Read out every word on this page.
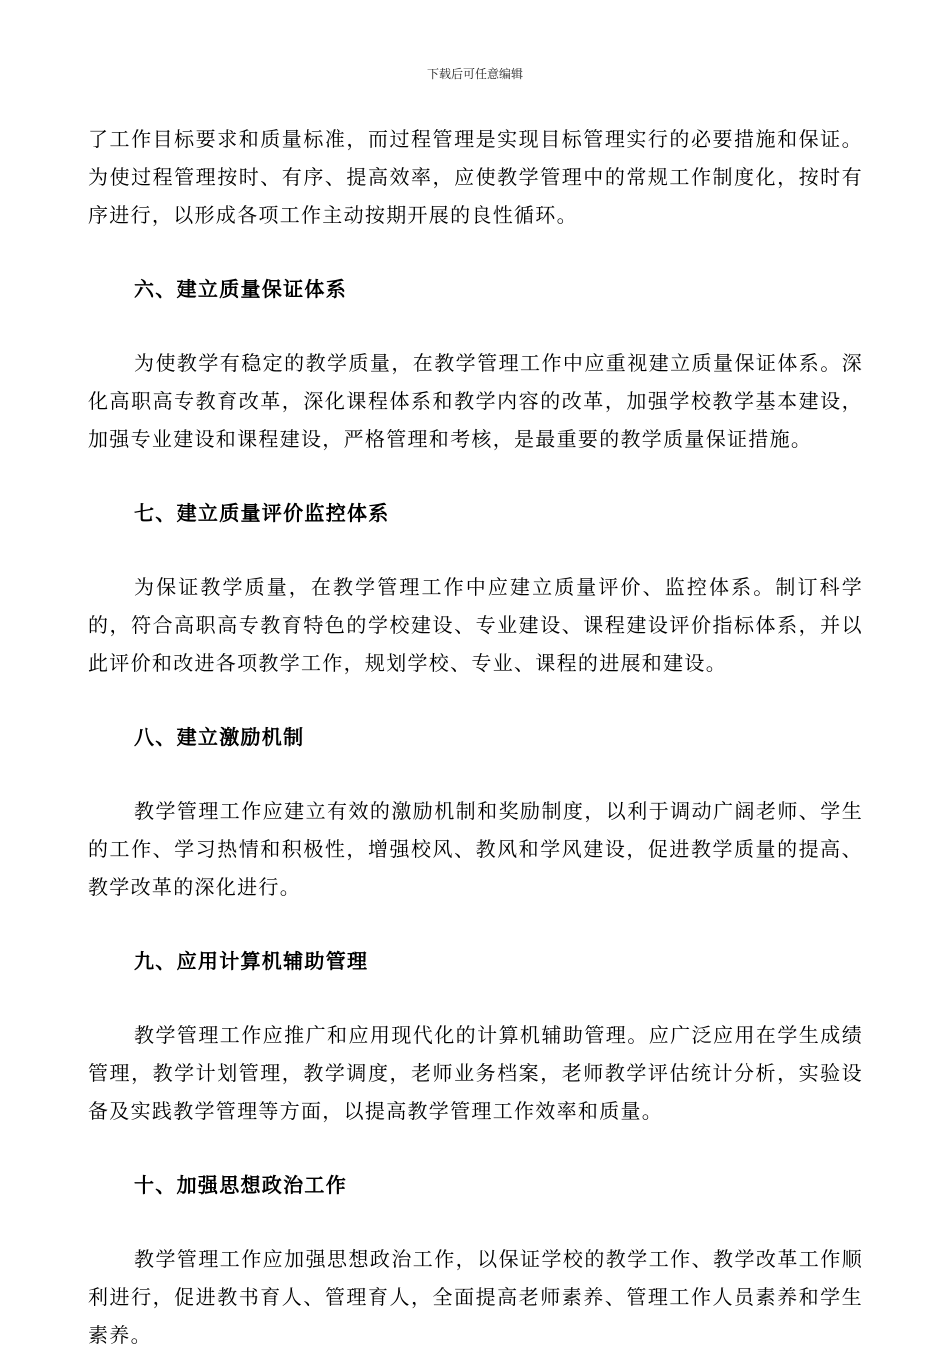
下载后可任意编辑

了工作目标要求和质量标准，而过程管理是实现目标管理实行的必要措施和保证。为使过程管理按时、有序、提高效率，应使教学管理中的常规工作制度化，按时有序进行，以形成各项工作主动按期开展的良性循环。

六、建立质量保证体系

为使教学有稳定的教学质量，在教学管理工作中应重视建立质量保证体系。深化高职高专教育改革，深化课程体系和教学内容的改革，加强学校教学基本建设，加强专业建设和课程建设，严格管理和考核，是最重要的教学质量保证措施。

七、建立质量评价监控体系

为保证教学质量，在教学管理工作中应建立质量评价、监控体系。制订科学的，符合高职高专教育特色的学校建设、专业建设、课程建设评价指标体系，并以此评价和改进各项教学工作，规划学校、专业、课程的进展和建设。

八、建立激励机制

教学管理工作应建立有效的激励机制和奖励制度，以利于调动广阔老师、学生的工作、学习热情和积极性，增强校风、教风和学风建设，促进教学质量的提高、教学改革的深化进行。

九、应用计算机辅助管理

教学管理工作应推广和应用现代化的计算机辅助管理。应广泛应用在学生成绩管理，教学计划管理，教学调度，老师业务档案，老师教学评估统计分析，实验设备及实践教学管理等方面，以提高教学管理工作效率和质量。

十、加强思想政治工作

教学管理工作应加强思想政治工作，以保证学校的教学工作、教学改革工作顺利进行，促进教书育人、管理育人，全面提高老师素养、管理工作人员素养和学生素养。
